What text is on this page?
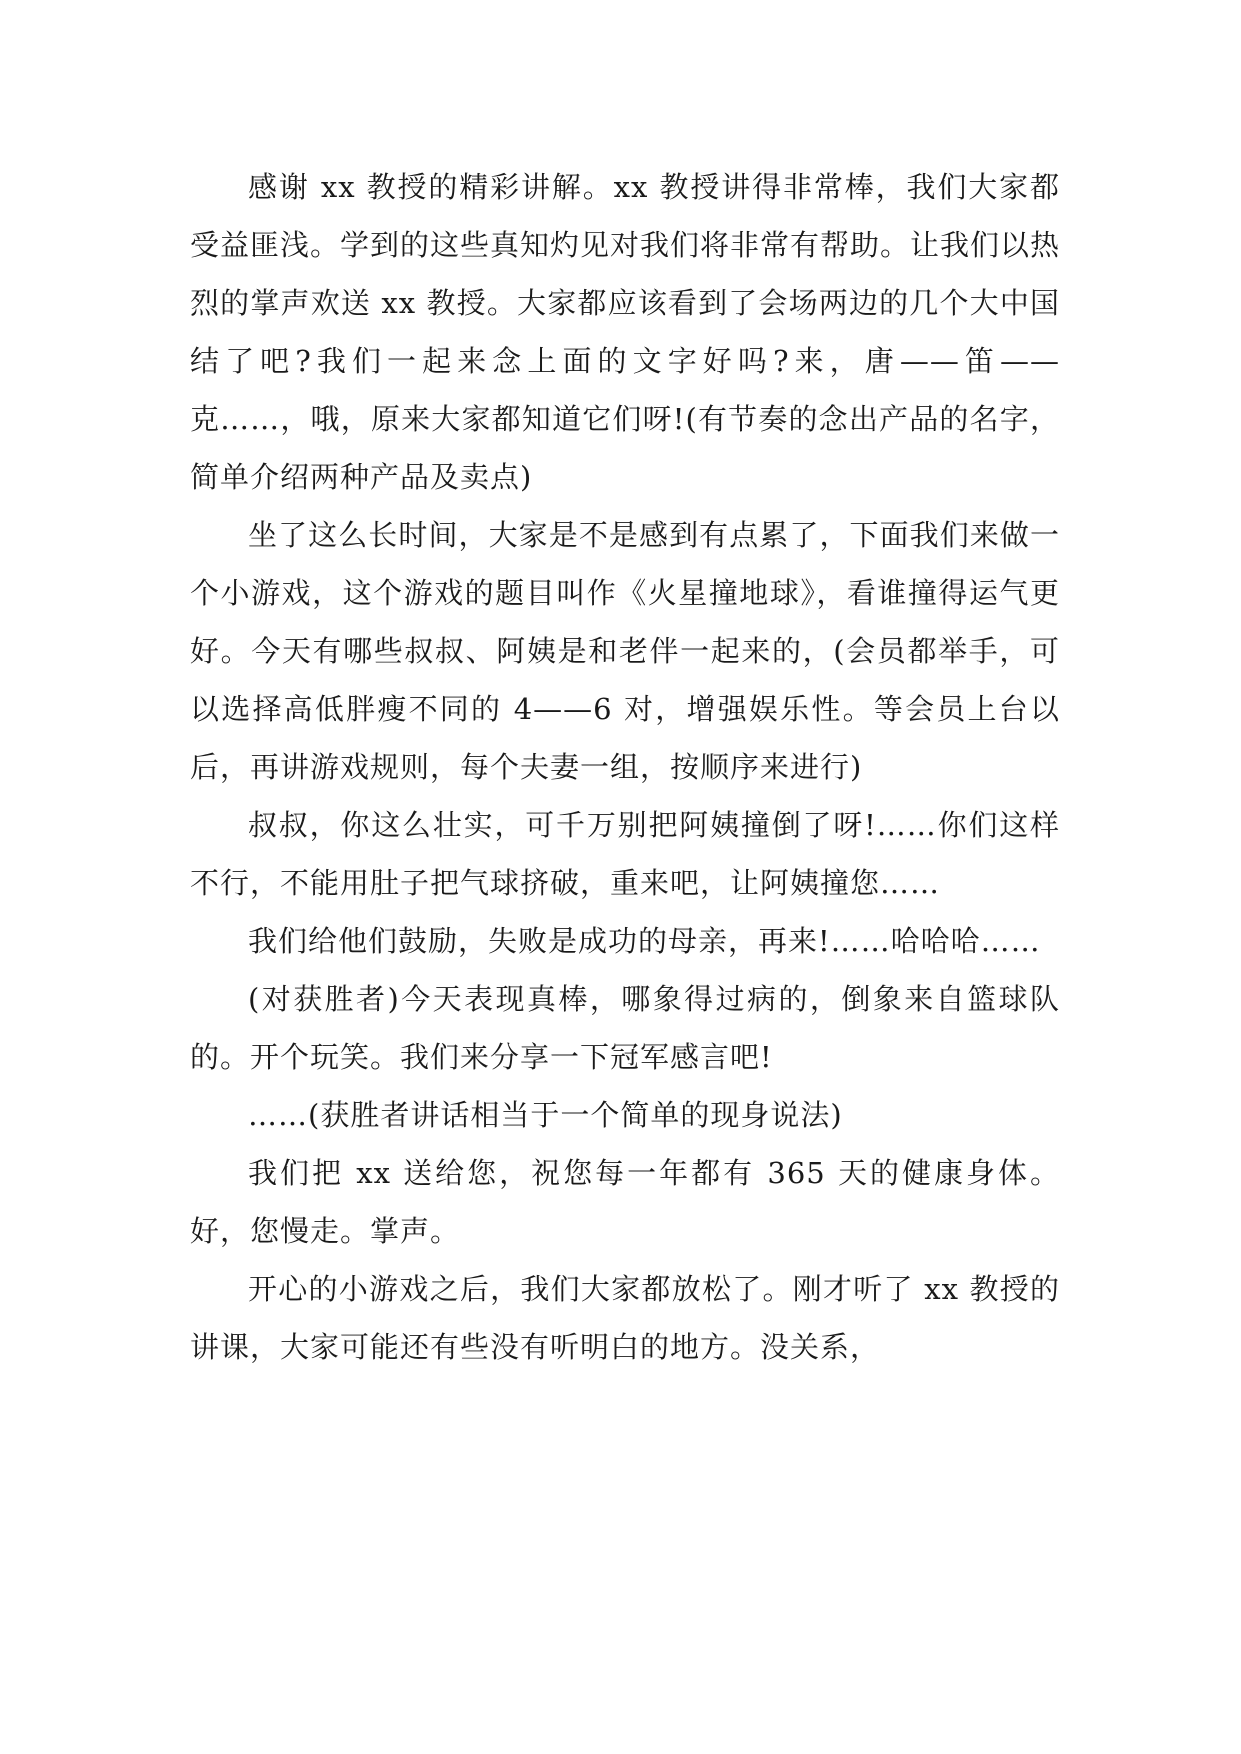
感谢 xx 教授的精彩讲解。xx 教授讲得非常棒，我们大家都受益匪浅。学到的这些真知灼见对我们将非常有帮助。让我们以热烈的掌声欢送 xx 教授。大家都应该看到了会场两边的几个大中国结了吧?我们一起来念上面的文字好吗?来，唐——笛——克……，哦，原来大家都知道它们呀!(有节奏的念出产品的名字，简单介绍两种产品及卖点)

坐了这么长时间，大家是不是感到有点累了，下面我们来做一个小游戏，这个游戏的题目叫作《火星撞地球》，看谁撞得运气更好。今天有哪些叔叔、阿姨是和老伴一起来的，(会员都举手，可以选择高低胖瘦不同的 4——6 对，增强娱乐性。等会员上台以后，再讲游戏规则，每个夫妻一组，按顺序来进行)

叔叔，你这么壮实，可千万别把阿姨撞倒了呀!……你们这样不行，不能用肚子把气球挤破，重来吧，让阿姨撞您……

我们给他们鼓励，失败是成功的母亲，再来!……哈哈哈……

(对获胜者)今天表现真棒，哪象得过病的，倒象来自篮球队的。开个玩笑。我们来分享一下冠军感言吧!

……(获胜者讲话相当于一个简单的现身说法)

我们把 xx 送给您，祝您每一年都有 365 天的健康身体。好，您慢走。掌声。

开心的小游戏之后，我们大家都放松了。刚才听了 xx 教授的讲课，大家可能还有些没有听明白的地方。没关系，
